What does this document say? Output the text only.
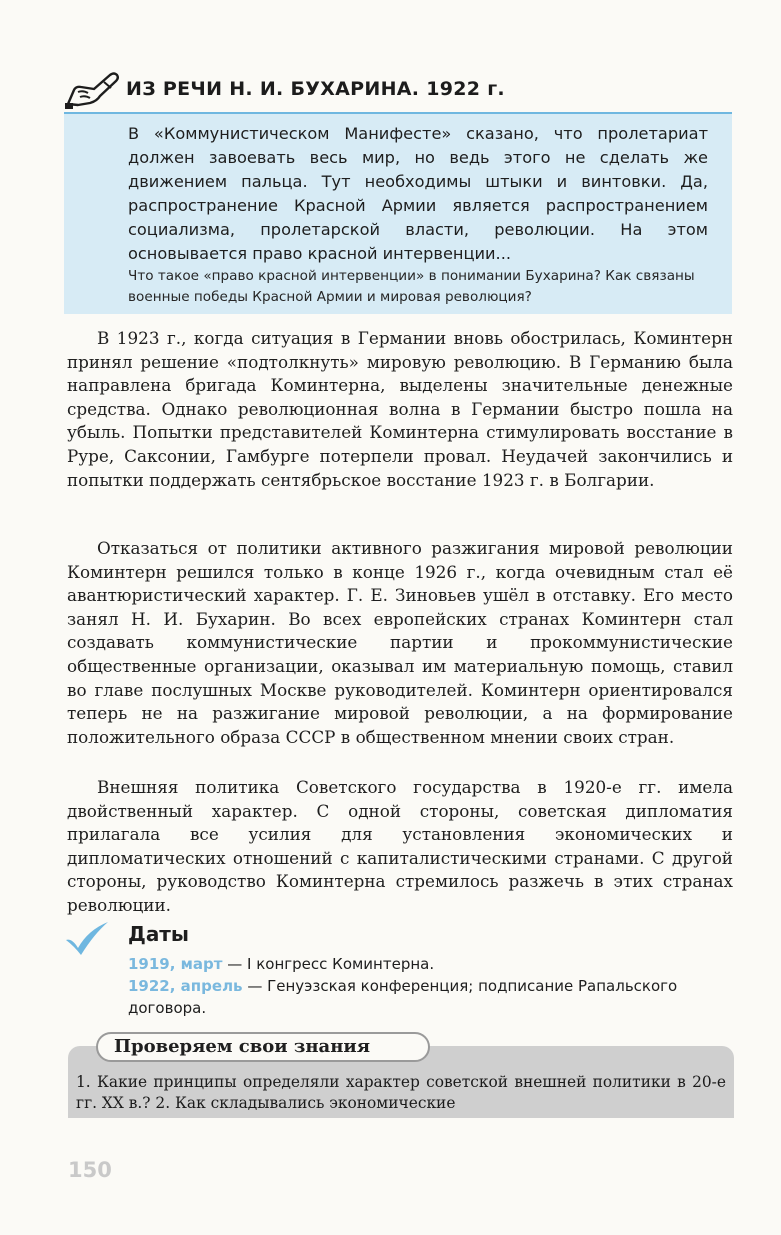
ИЗ РЕЧИ Н. И. БУХАРИНА. 1922 г.

В «Коммунистическом Манифесте» сказано, что пролетариат должен завоевать весь мир, но ведь этого не сделать же движением пальца. Тут необходимы штыки и винтовки. Да, распространение Красной Армии является распространением социализма, пролетарской власти, революции. На этом основывается право красной интервенции...

Что такое «право красной интервенции» в понимании Бухарина? Как связаны военные победы Красной Армии и мировая революция?

В 1923 г., когда ситуация в Германии вновь обострилась, Коминтерн принял решение «подтолкнуть» мировую революцию. В Германию была направлена бригада Коминтерна, выделены значительные денежные средства. Однако революционная волна в Германии быстро пошла на убыль. Попытки представителей Коминтерна стимулировать восстание в Руре, Саксонии, Гамбурге потерпели провал. Неудачей закончились и попытки поддержать сентябрьское восстание 1923 г. в Болгарии.

Отказаться от политики активного разжигания мировой революции Коминтерн решился только в конце 1926 г., когда очевидным стал её авантюристический характер. Г. Е. Зиновьев ушёл в отставку. Его место занял Н. И. Бухарин. Во всех европейских странах Коминтерн стал создавать коммунистические партии и прокоммунистические общественные организации, оказывал им материальную помощь, ставил во главе послушных Москве руководителей. Коминтерн ориентировался теперь не на разжигание мировой революции, а на формирование положительного образа СССР в общественном мнении своих стран.

Внешняя политика Советского государства в 1920-е гг. имела двойственный характер. С одной стороны, советская дипломатия прилагала все усилия для установления экономических и дипломатических отношений с капиталистическими странами. С другой стороны, руководство Коминтерна стремилось разжечь в этих странах революции.

Даты
1919, март — I конгресс Коминтерна.
1922, апрель — Генуэзская конференция; подписание Рапальского договора.

1. Какие принципы определяли характер советской внешней политики в 20-е гг. XX в.? 2. Как складывались экономические

Проверяем свои знания
150
